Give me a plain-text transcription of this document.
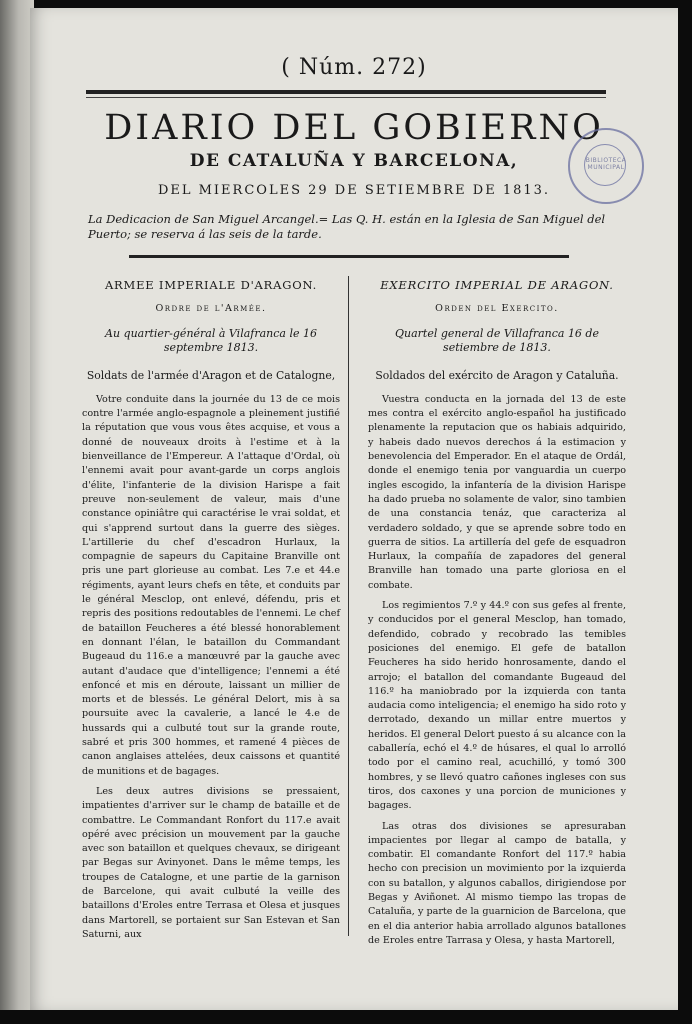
( Núm. 272)
DIARIO DEL GOBIERNO
DE CATALUÑA Y BARCELONA,
DEL MIERCOLES 29 DE SETIEMBRE DE 1813.
BIBLIOTECA MUNICIPAL
La Dedicacion de San Miguel Arcangel.= Las Q. H. están en la Iglesia de San Miguel del Puerto; se reserva á las seis de la tarde.
ARMEE IMPERIALE D'ARAGON.
Ordre de l'Armée.
Au quartier-général à Vilafranca le 16 septembre 1813.
Soldats de l'armée d'Aragon et de Catalogne,

Votre conduite dans la journée du 13 de ce mois contre l'armée anglo-espagnole a pleinement justifié la réputation que vous vous êtes acquise, et vous a donné de nouveaux droits à l'estime et à la bienveillance de l'Empereur. A l'attaque d'Ordal, où l'ennemi avait pour avant-garde un corps anglois d'élite, l'infanterie de la division Harispe a fait preuve non-seulement de valeur, mais d'une constance opiniâtre qui caractérise le vrai soldat, et qui s'apprend surtout dans la guerre des sièges. L'artillerie du chef d'escadron Hurlaux, la compagnie de sapeurs du Capitaine Branville ont pris une part glorieuse au combat. Les 7.e et 44.e régiments, ayant leurs chefs en tête, et conduits par le général Mesclop, ont enlevé, défendu, pris et repris des positions redoutables de l'ennemi. Le chef de bataillon Feucheres a été blessé honorablement en donnant l'élan, le bataillon du Commandant Bugeaud du 116.e a manœuvré par la gauche avec autant d'audace que d'intelligence; l'ennemi a été enfoncé et mis en déroute, laissant un millier de morts et de blessés. Le général Delort, mis à sa poursuite avec la cavalerie, a lancé le 4.e de hussards qui a culbuté tout sur la grande route, sabré et pris 300 hommes, et ramené 4 pièces de canon anglaises attelées, deux caissons et quantité de munitions et de bagages.

Les deux autres divisions se pressaient, impatientes d'arriver sur le champ de bataille et de combattre. Le Commandant Ronfort du 117.e avait opéré avec précision un mouvement par la gauche avec son bataillon et quelques chevaux, se dirigeant par Begas sur Avinyonet. Dans le même temps, les troupes de Catalogne, et une partie de la garnison de Barcelone, qui avait culbuté la veille des bataillons d'Eroles entre Terrasa et Olesa et jusques dans Martorell, se portaient sur San Estevan et San Saturni, aux

EXERCITO IMPERIAL DE ARAGON.
Orden del Exercito.
Quartel general de Villafranca 16 de setiembre de 1813.
Soldados del exército de Aragon y Cataluña.

Vuestra conducta en la jornada del 13 de este mes contra el exército anglo-español ha justificado plenamente la reputacion que os habiais adquirido, y habeis dado nuevos derechos á la estimacion y benevolencia del Emperador. En el ataque de Ordál, donde el enemigo tenia por vanguardia un cuerpo ingles escogido, la infantería de la division Harispe ha dado prueba no solamente de valor, sino tambien de una constancia tenáz, que caracteriza al verdadero soldado, y que se aprende sobre todo en guerra de sitios. La artillería del gefe de esquadron Hurlaux, la compañía de zapadores del general Branville han tomado una parte gloriosa en el combate.

Los regimientos 7.º y 44.º con sus gefes al frente, y conducidos por el general Mesclop, han tomado, defendido, cobrado y recobrado las temibles posiciones del enemigo. El gefe de batallon Feucheres ha sido herido honrosamente, dando el arrojo; el batallon del comandante Bugeaud del 116.º ha maniobrado por la izquierda con tanta audacia como inteligencia; el enemigo ha sido roto y derrotado, dexando un millar entre muertos y heridos. El general Delort puesto á su alcance con la caballería, echó el 4.º de húsares, el qual lo arrolló todo por el camino real, acuchilló, y tomó 300 hombres, y se llevó quatro cañones ingleses con sus tiros, dos caxones y una porcion de municiones y bagages.

Las otras dos divisiones se apresuraban impacientes por llegar al campo de batalla, y combatir. El comandante Ronfort del 117.º habia hecho con precision un movimiento por la izquierda con su batallon, y algunos caballos, dirigiendose por Begas y Aviñonet. Al mismo tiempo las tropas de Cataluña, y parte de la guarnicion de Barcelona, que en el dia anterior habia arrollado algunos batallones de Eroles entre Tarrasa y Olesa, y hasta Martorell,
